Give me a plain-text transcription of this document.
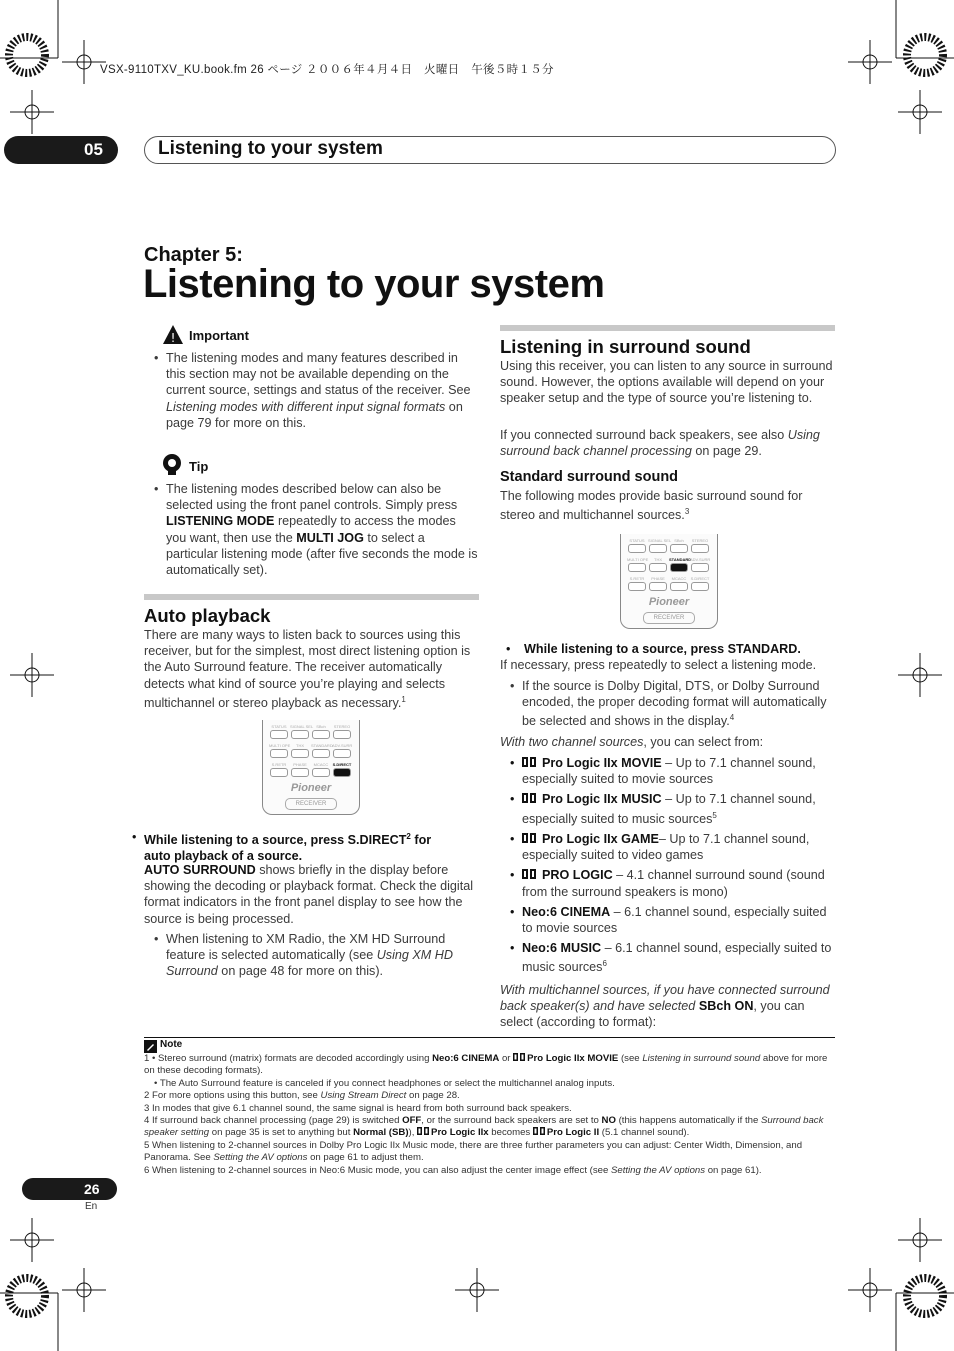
VSX-9110TXV_KU.book.fm 26 ページ ２００６年４月４日　火曜日　午後５時１５分
05	Listening to your system
Chapter 5:
Listening to your system
! Important
• The listening modes and many features described in this section may not be available depending on the current source, settings and status of the receiver. See Listening modes with different input signal formats on page 79 for more on this.
Tip
• The listening modes described below can also be selected using the front panel controls. Simply press LISTENING MODE repeatedly to access the modes you want, then use the MULTI JOG to select a particular listening mode (after five seconds the mode is automatically set).
Auto playback
There are many ways to listen back to sources using this receiver, but for the simplest, most direct listening option is the Auto Surround feature. The receiver automatically detects what kind of source you’re playing and selects multichannel or stereo playback as necessary.$^1$
STATUS SIGNAL SEL SBch	STEREO
MULTI OPE	THX	STANDARD ADV.SURR
S.RETR	PHASE	MCACC	S.DIRECT
Pioneer
RECEIVER
• While listening to a source, press S.DIRECT$^2$ for auto playback of a source.
AUTO SURROUND shows briefly in the display before showing the decoding or playback format. Check the digital format indicators in the front panel display to see how the source is being processed.
• When listening to XM Radio, the XM HD Surround feature is selected automatically (see Using XM HD Surround on page 48 for more on this).
Listening in surround sound
Using this receiver, you can listen to any source in surround sound. However, the options available will depend on your speaker setup and the type of source you’re listening to.
If you connected surround back speakers, see also Using surround back channel processing on page 29.
Standard surround sound
The following modes provide basic surround sound for stereo and multichannel sources.$^3$
STATUS SIGNAL SEL SBch	STEREO
MULTI OPE	THX	STANDARD
ADV.SURR
S.RETR	PHASE	MCACC	S.DIRECT
Pioneer
RECEIVER
• While listening to a source, press STANDARD.
If necessary, press repeatedly to select a listening mode.
• If the source is Dolby Digital, DTS, or Dolby Surround encoded, the proper decoding format will automatically be selected and shows in the display.$^4$
With two channel sources, you can select from:
• Pro Logic IIx MOVIE – Up to 7.1 channel sound, especially suited to movie sources
• Pro Logic IIx MUSIC – Up to 7.1 channel sound, especially suited to music sources$^5$
• Pro Logic IIx GAME– Up to 7.1 channel sound, especially suited to video games
• PRO LOGIC – 4.1 channel surround sound (sound from the surround speakers is mono)
• Neo:6 CINEMA – 6.1 channel sound, especially suited to movie sources
• Neo:6 MUSIC – 6.1 channel sound, especially suited to music sources$^6$
With multichannel sources, if you have connected surround back speaker(s) and have selected SBch ON, you can select (according to format):
Note
1 • Stereo surround (matrix) formats are decoded accordingly using Neo:6 CINEMA or Pro Logic IIx MOVIE (see Listening in surround sound above for more on these decoding formats).
• The Auto Surround feature is canceled if you connect headphones or select the multichannel analog inputs.
2 For more options using this button, see Using Stream Direct on page 28.
3 In modes that give 6.1 channel sound, the same signal is heard from both surround back speakers.
4 If surround back channel processing (page 29) is switched OFF, or the surround back speakers are set to NO (this happens automatically if the Surround back speaker setting on page 35 is set to anything but Normal (SB)), Pro Logic IIx becomes Pro Logic II (5.1 channel sound).
5 When listening to 2-channel sources in Dolby Pro Logic IIx Music mode, there are three further parameters you can adjust: Center Width, Dimension, and Panorama. See Setting the AV options on page 61 to adjust them.
6 When listening to 2-channel sources in Neo:6 Music mode, you can also adjust the center image effect (see Setting the AV options on page 61).
26
En
